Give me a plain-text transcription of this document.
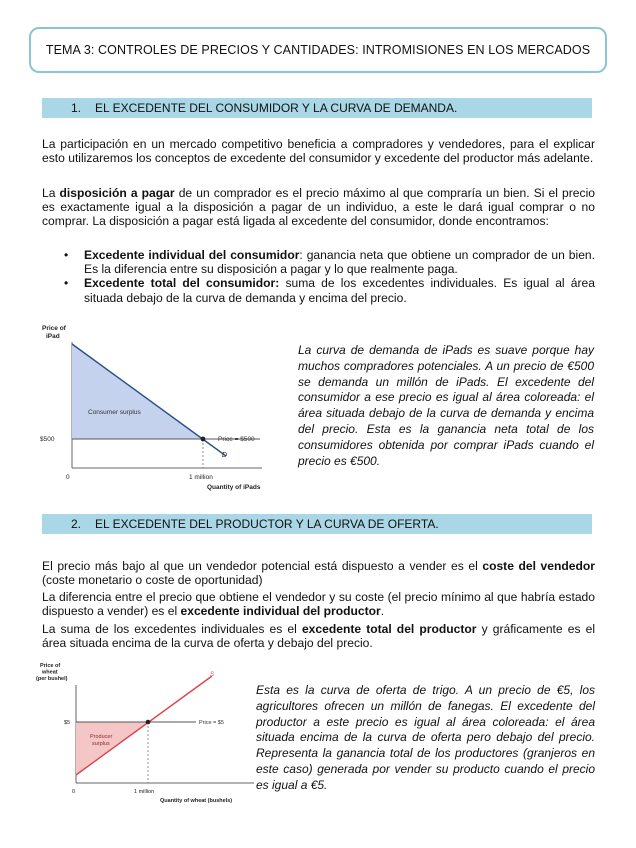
TEMA 3: CONTROLES DE PRECIOS Y CANTIDADES: INTROMISIONES EN LOS MERCADOS
1.	EL EXCEDENTE DEL CONSUMIDOR Y LA CURVA DE DEMANDA.

La participación en un mercado competitivo beneficia a compradores y vendedores, para el explicar esto utilizaremos los conceptos de excedente del consumidor y excedente del productor más adelante.

La disposición a pagar de un comprador es el precio máximo al que compraría un bien. Si el precio es exactamente igual a la disposición a pagar de un individuo, a este le dará igual comprar o no comprar. La disposición a pagar está ligada al excedente del consumidor, donde encontramos:

• Excedente individual del consumidor: ganancia neta que obtiene un comprador de un bien. Es la diferencia entre su disposición a pagar y lo que realmente paga.
• Excedente total del consumidor: suma de los excedentes individuales. Es igual al área situada debajo de la curva de demanda y encima del precio.
Price of
iPad
Consumer surplus
$500	Price = $500
D
0	1 million
Quantity of iPads

La curva de demanda de iPads es suave porque hay muchos compradores potenciales. A un precio de €500 se demanda un millón de iPads. El excedente del consumidor a ese precio es igual al área coloreada: el área situada debajo de la curva de demanda y encima del precio. Esta es la ganancia neta total de los consumidores obtenida por comprar iPads cuando el precio es €500.

2.	EL EXCEDENTE DEL PRODUCTOR Y LA CURVA DE OFERTA.

El precio más bajo al que un vendedor potencial está dispuesto a vender es el coste del vendedor (coste monetario o coste de oportunidad)

La diferencia entre el precio que obtiene el vendedor y su coste (el precio mínimo al que habría estado dispuesto a vender) es el excedente individual del productor.

La suma de los excedentes individuales es el excedente total del productor y gráficamente es el área situada encima de la curva de oferta y debajo del precio.

Price of
wheat
(per bushel)
S
$5	Price = $5
Producer
surplus
0	1 million
Quantity of wheat (bushels)

Esta es la curva de oferta de trigo. A un precio de €5, los agricultores ofrecen un millón de fanegas. El excedente del productor a este precio es igual al área coloreada: el área situada encima de la curva de oferta pero debajo del precio. Representa la ganancia total de los productores (granjeros en este caso) generada por vender su producto cuando el precio es igual a €5.
